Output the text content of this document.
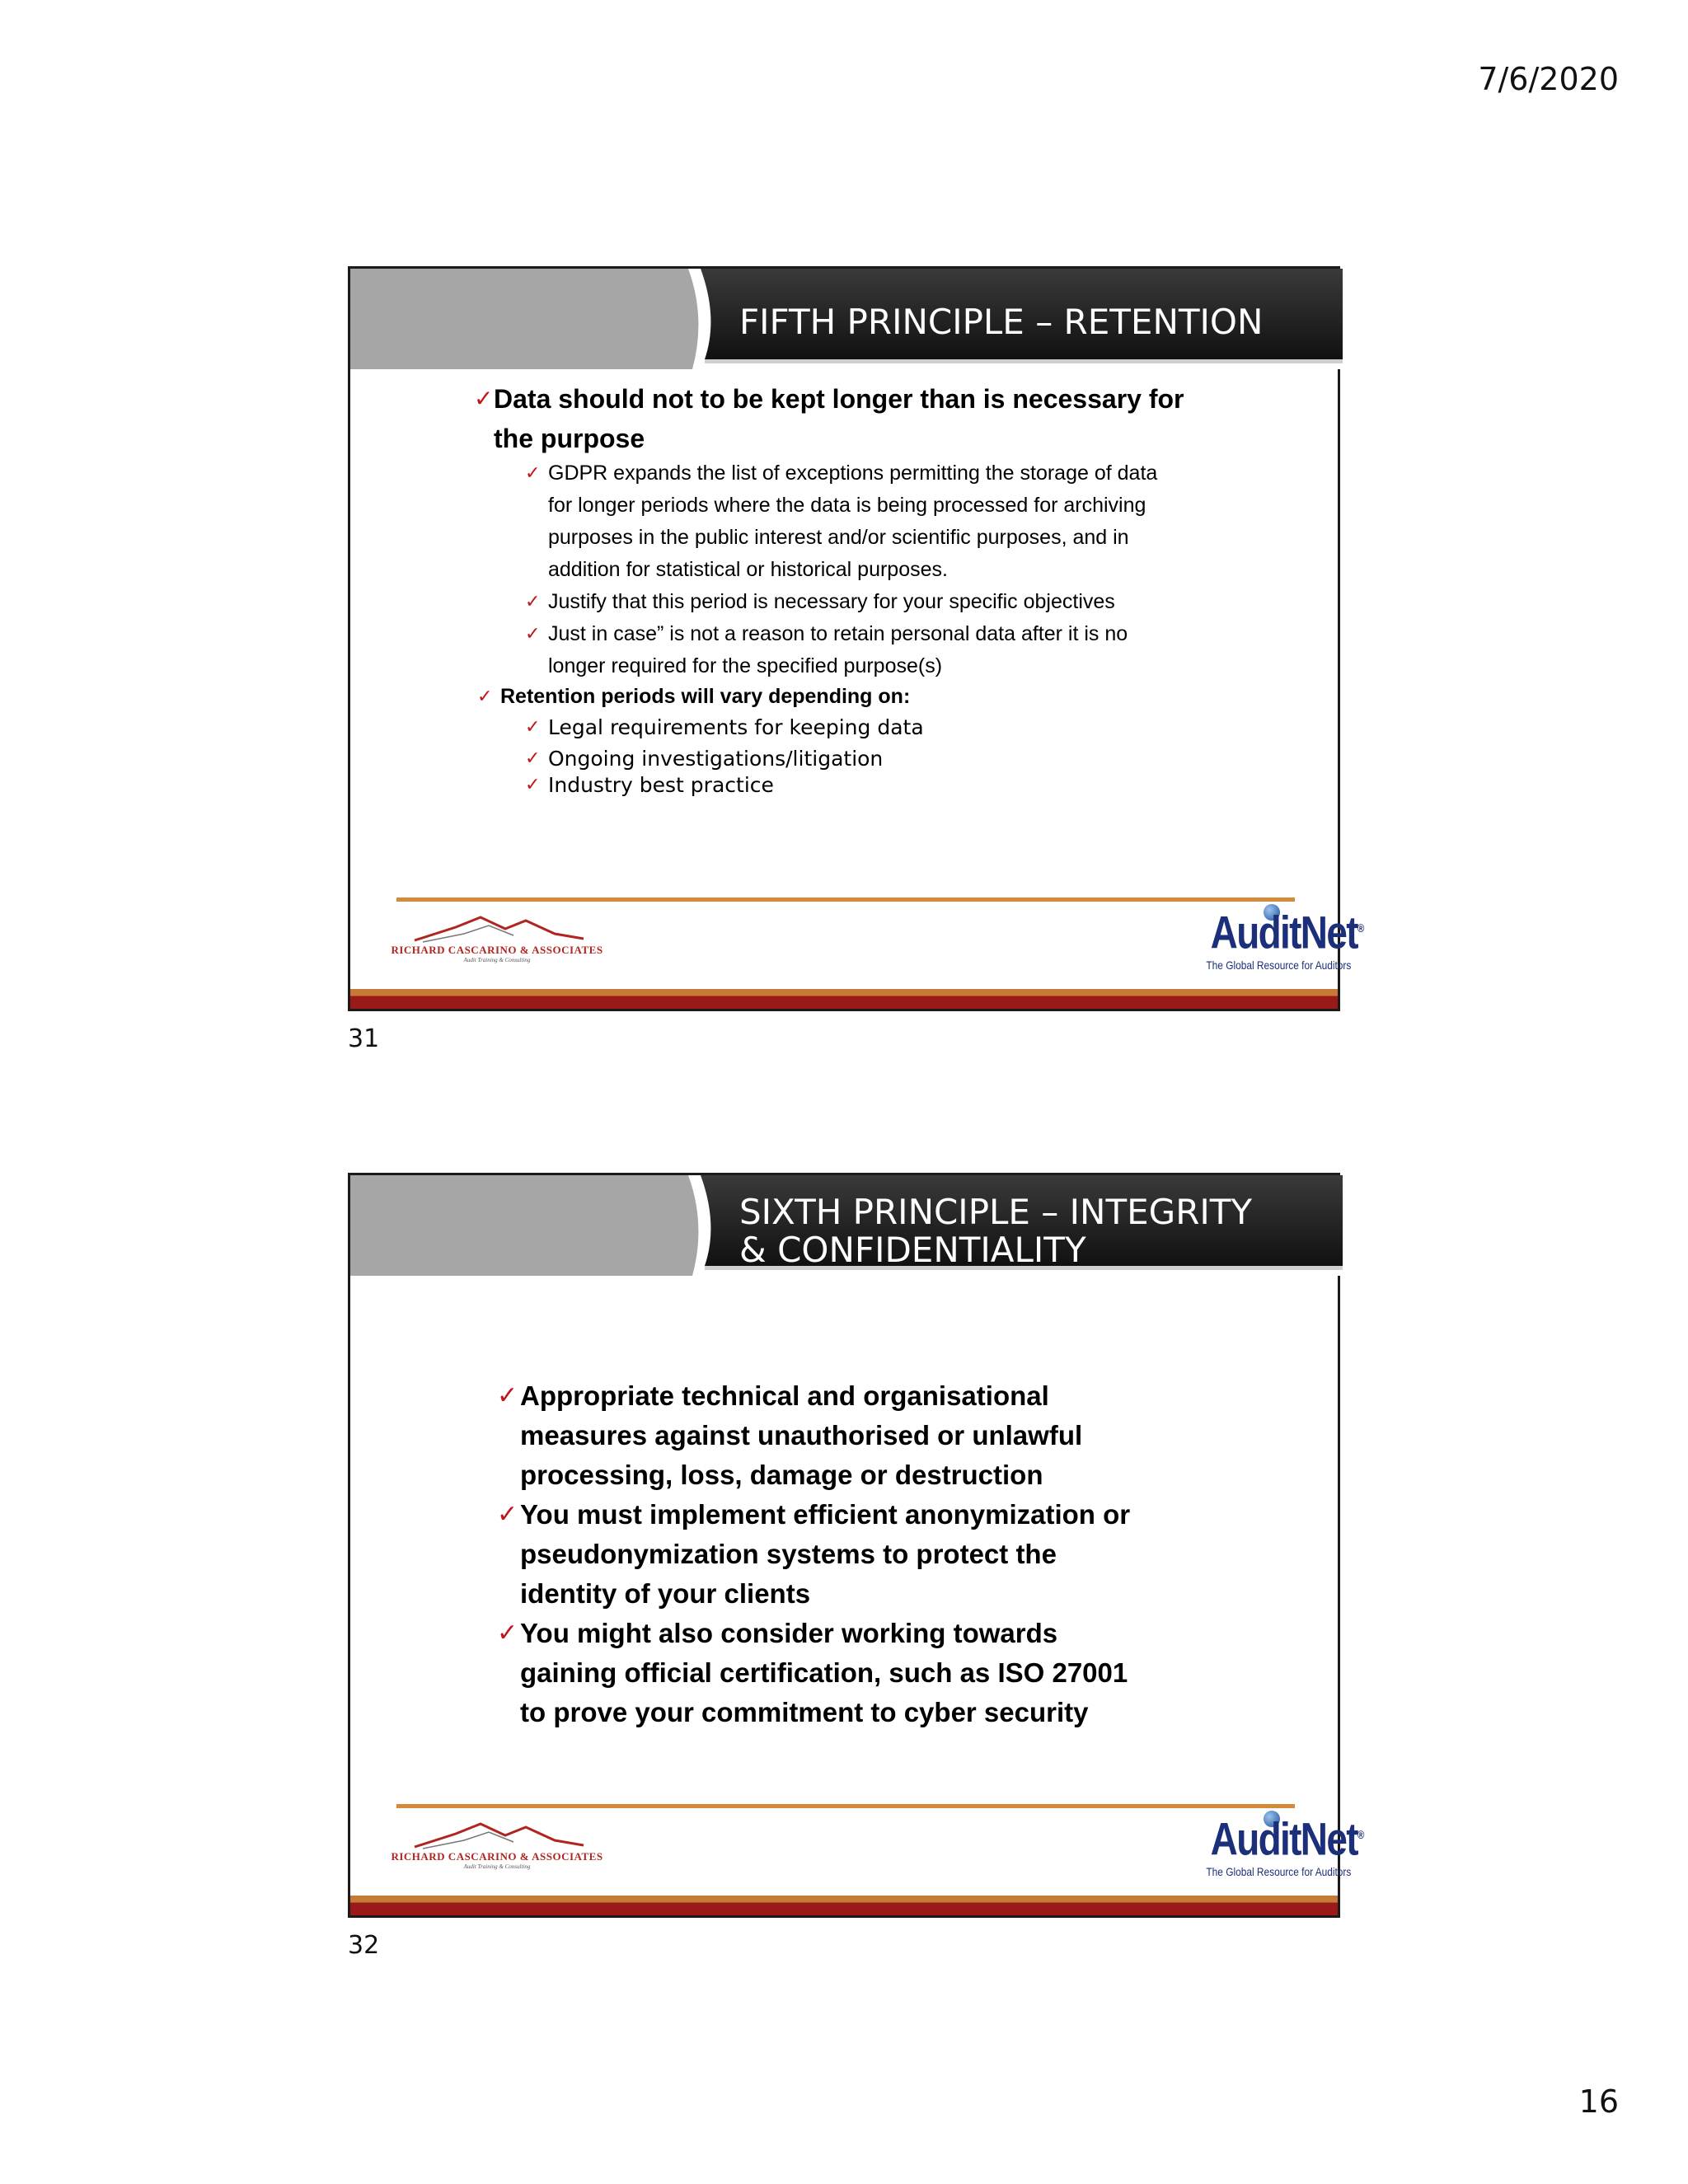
7/6/2020
FIFTH PRINCIPLE – RETENTION
✓ Data should not to be kept longer than is necessary for
the purpose
✓ GDPR expands the list of exceptions permitting the storage of data
for longer periods where the data is being processed for archiving
purposes in the public interest and/or scientific purposes, and in
addition for statistical or historical purposes.
✓ Justify that this period is necessary for your specific objectives
✓ Just in case” is not a reason to retain personal data after it is no
longer required for the specified purpose(s)
✓ Retention periods will vary depending on:
✓ Legal requirements for keeping data
✓ Ongoing investigations/litigation
✓ Industry best practice
RICHARD CASCARINO & ASSOCIATES
Audit Training & Consulting
AuditNet®
The Global Resource for Auditors
31
SIXTH PRINCIPLE – INTEGRITY
& CONFIDENTIALITY
✓ Appropriate technical and organisational
measures against unauthorised or unlawful
processing, loss, damage or destruction
✓ You must implement efficient anonymization or
pseudonymization systems to protect the
identity of your clients
✓ You might also consider working towards
gaining official certification, such as ISO 27001
to prove your commitment to cyber security
RICHARD CASCARINO & ASSOCIATES
Audit Training & Consulting
AuditNet®
The Global Resource for Auditors
32
16
